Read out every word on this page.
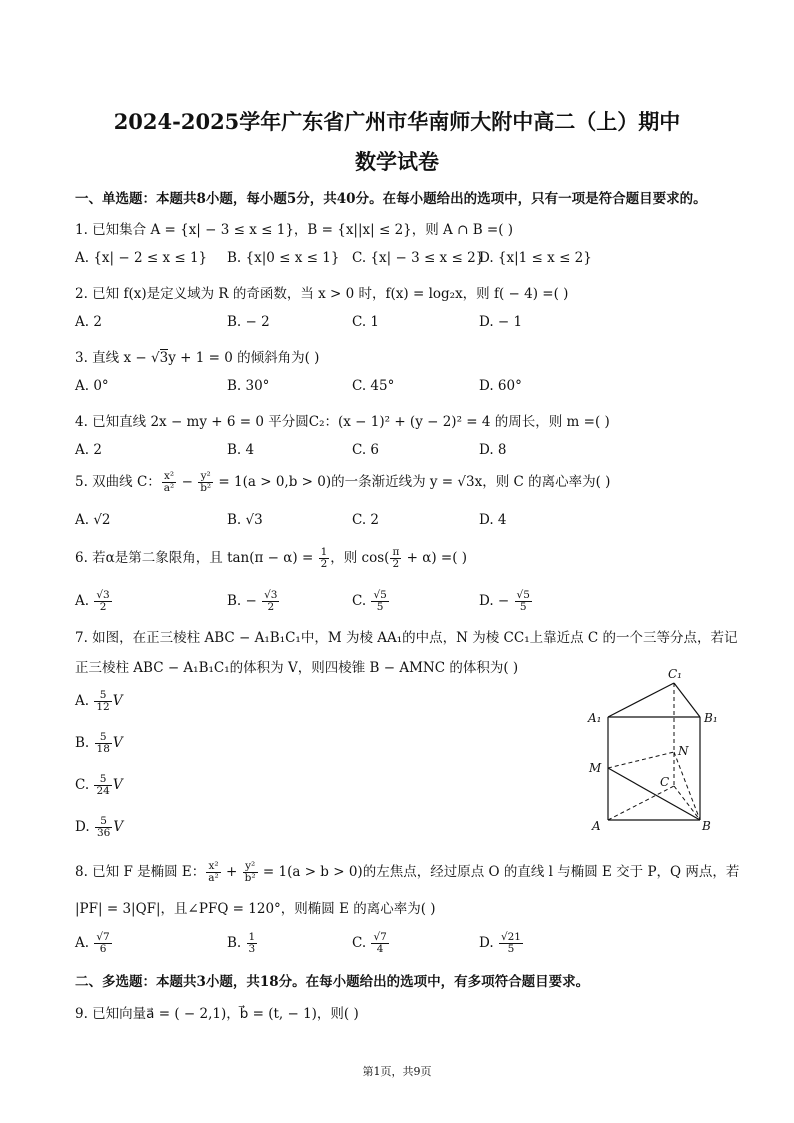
2024-2025学年广东省广州市华南师大附中高二（上）期中
数学试卷
一、单选题：本题共8小题，每小题5分，共40分。在每小题给出的选项中，只有一项是符合题目要求的。
1. 已知集合 A = {x| − 3 ≤ x ≤ 1}，B = {x||x| ≤ 2}，则 A ∩ B =( )
A. {x| − 2 ≤ x ≤ 1} B. {x|0 ≤ x ≤ 1} C. {x| − 3 ≤ x ≤ 2}
D. {x|1 ≤ x ≤ 2}
2. 已知 f(x)是定义域为 R 的奇函数，当 x > 0 时，f(x) = log₂x，则 f( − 4) =( )
A. 2	B. − 2	C. 1	D. − 1
3. 直线 x − √3y + 1 = 0 的倾斜角为( )
A. 0°	B. 30°	C. 45°	D. 60°
4. 已知直线 2x − my + 6 = 0 平分圆C₂：(x − 1)² + (y − 2)² = 4 的周长，则 m =( )
A. 2	B. 4	C. 6	D. 8
5. 双曲线 C： $\frac{\text{x²}}{\text{a²}} - \frac{\text{y²}}{\text{b²}} = 1(a > 0,b > 0)$的一条渐近线为 y = √3x，则 C 的离心率为( )
A. √2	B. √3	C. 2	D. 4
6. 若α是第二象限角，且 $\tan(\pi - \alpha) = \frac{1}{2}$ ，则 $\cos( \frac{\pi}{2} + \alpha)$ =( )
A. $\frac{√3}{2}$	B. − $\frac{√3}{2}$	C. $\frac{√5}{5}$	D. − $\frac{√5}{5}$
7. 如图，在正三棱柱 ABC − A₁B₁C₁中，M 为棱 AA₁的中点，N 为棱 CC₁上靠近点 C 的一个三等分点，若记
正三棱柱 ABC − A₁B₁C₁的体积为 V，则四棱锥 B − AMNC 的体积为( )
A. $\frac{5}{12}$ V
B. $\frac{5}{18}$ V
C. $\frac{5}{24}$ V
D. $\frac{5}{36}$ V
C₁
A₁	B₁
N
M
C
A	B
8. 已知 F 是椭圆 E： $\frac{\text{x²}}{\text{a²}} + \frac{\text{y²}}{\text{b²}} = 1(a > b > 0)$的左焦点，经过原点 O 的直线 l 与椭圆 E 交于 P，Q 两点，若
|PF| = 3|QF|，且∠PFQ = 120°，则椭圆 E 的离心率为( )
A. $\frac{√7}{6}$	B. $\frac{1}{3}$	C. $\frac{√7}{4}$	D. $\frac{√21}{5}$
二、多选题：本题共3小题，共18分。在每小题给出的选项中，有多项符合题目要求。
9. 已知向量a⃗ = ( − 2,1)，b⃗ = (t, − 1)，则( )
第1页，共9页
